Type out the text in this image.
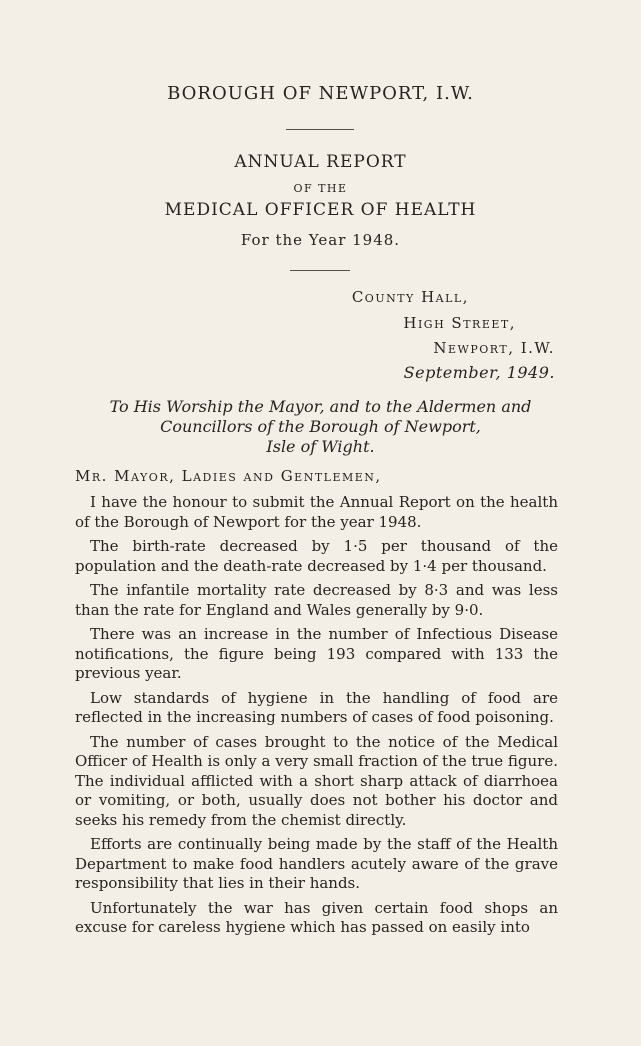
BOROUGH OF NEWPORT, I.W.
ANNUAL REPORT
OF THE
MEDICAL OFFICER OF HEALTH
For the Year 1948.
County Hall,
High Street,
Newport, I.W.
September, 1949.
To His Worship the Mayor, and to the Aldermen and
Councillors of the Borough of Newport,
Isle of Wight.
Mr. Mayor, Ladies and Gentlemen,

I have the honour to submit the Annual Report on the health of the Borough of Newport for the year 1948.

The birth-rate decreased by 1·5 per thousand of the population and the death-rate decreased by 1·4 per thousand.

The infantile mortality rate decreased by 8·3 and was less than the rate for England and Wales generally by 9·0.

There was an increase in the number of Infectious Disease notifications, the figure being 193 compared with 133 the previous year.

Low standards of hygiene in the handling of food are reflected in the increasing numbers of cases of food poisoning.

The number of cases brought to the notice of the Medical Officer of Health is only a very small fraction of the true figure. The individual afflicted with a short sharp attack of diarrhoea or vomiting, or both, usually does not bother his doctor and seeks his remedy from the chemist directly.

Efforts are continually being made by the staff of the Health Department to make food handlers acutely aware of the grave responsibility that lies in their hands.

Unfortunately the war has given certain food shops an excuse for careless hygiene which has passed on easily into
